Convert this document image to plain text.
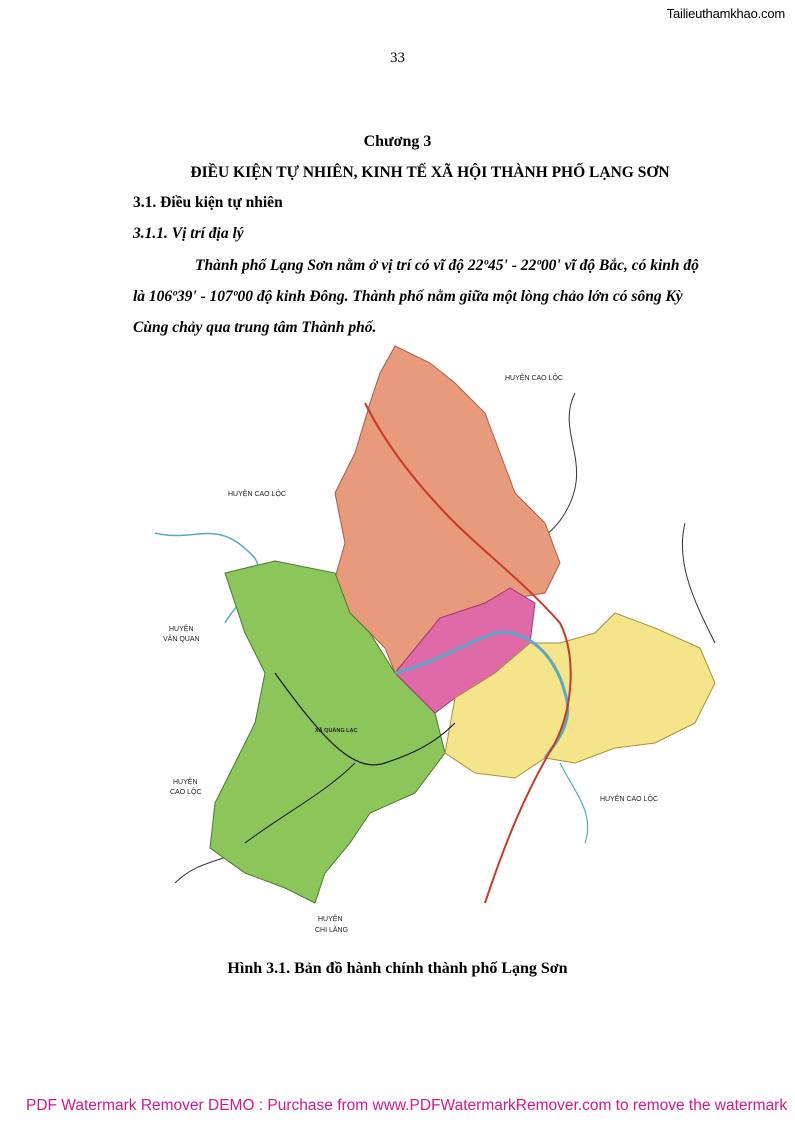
Tailieuthamkhao.com
33
Chương 3
ĐIỀU KIỆN TỰ NHIÊN, KINH TẾ XÃ HỘI THÀNH PHỐ LẠNG SƠN
3.1. Điều kiện tự nhiên
3.1.1. Vị trí địa lý
Thành phố Lạng Sơn nằm ở vị trí có vĩ độ 22º45' - 22º00' vĩ độ Bắc, có kinh độ là 106º39' - 107º00 độ kinh Đông. Thành phố nằm giữa một lòng chảo lớn có sông Kỳ Cùng chảy qua trung tâm Thành phố.
HUYỆN CAO LỘC
HUYỆN CAO LỘC
HUYỆN
VĂN QUAN
HUYỆN
CAO LỘC
HUYỆN CAO LỘC
HUYỆN
CHI LĂNG
XÃ QUẢNG LẠC
Hình 3.1. Bản đồ hành chính thành phố Lạng Sơn
PDF Watermark Remover DEMO : Purchase from www.PDFWatermarkRemover.com to remove the watermark
